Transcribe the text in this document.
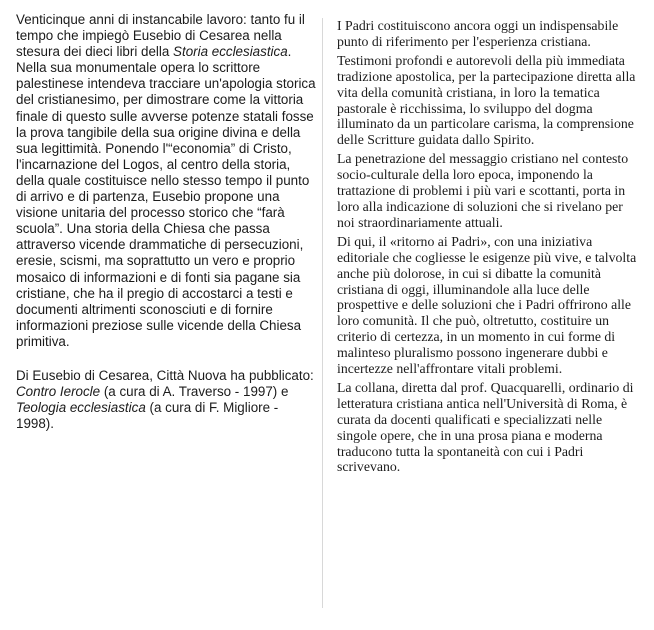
Venticinque anni di instancabile lavoro: tanto fu il tempo che impiegò Eusebio di Cesarea nella stesura dei dieci libri della Storia ecclesiastica. Nella sua monumentale opera lo scrittore palestinese intendeva tracciare un'apologia storica del cristianesimo, per dimostrare come la vittoria finale di questo sulle avverse potenze statali fosse la prova tangibile della sua origine divina e della sua legittimità. Ponendo l'“economia” di Cristo, l'incarnazione del Logos, al centro della storia, della quale costituisce nello stesso tempo il punto di arrivo e di partenza, Eusebio propone una visione unitaria del processo storico che “farà scuola”. Una storia della Chiesa che passa attraverso vicende drammatiche di persecuzioni, eresie, scismi, ma soprattutto un vero e proprio mosaico di informazioni e di fonti sia pagane sia cristiane, che ha il pregio di accostarci a testi e documenti altrimenti sconosciuti e di fornire informazioni preziose sulle vicende della Chiesa primitiva.

Di Eusebio di Cesarea, Città Nuova ha pubblicato: Contro Ierocle (a cura di A. Traverso - 1997) e Teologia ecclesiastica (a cura di F. Migliore - 1998).

I Padri costituiscono ancora oggi un indispensabile punto di riferimento per l'esperienza cristiana.

Testimoni profondi e autorevoli della più immediata tradizione apostolica, per la partecipazione diretta alla vita della comunità cristiana, in loro la tematica pastorale è ricchissima, lo sviluppo del dogma illuminato da un particolare carisma, la comprensione delle Scritture guidata dallo Spirito.

La penetrazione del messaggio cristiano nel contesto socio-culturale della loro epoca, imponendo la trattazione di problemi i più vari e scottanti, porta in loro alla indicazione di soluzioni che si rivelano per noi straordinariamente attuali.

Di qui, il «ritorno ai Padri», con una iniziativa editoriale che cogliesse le esigenze più vive, e talvolta anche più dolorose, in cui si dibatte la comunità cristiana di oggi, illuminandole alla luce delle prospettive e delle soluzioni che i Padri offrirono alle loro comunità. Il che può, oltretutto, costituire un criterio di certezza, in un momento in cui forme di malinteso pluralismo possono ingenerare dubbi e incertezze nell'affrontare vitali problemi.

La collana, diretta dal prof. Quacquarelli, ordinario di letteratura cristiana antica nell'Università di Roma, è curata da docenti qualificati e specializzati nelle singole opere, che in una prosa piana e moderna traducono tutta la spontaneità con cui i Padri scrivevano.
